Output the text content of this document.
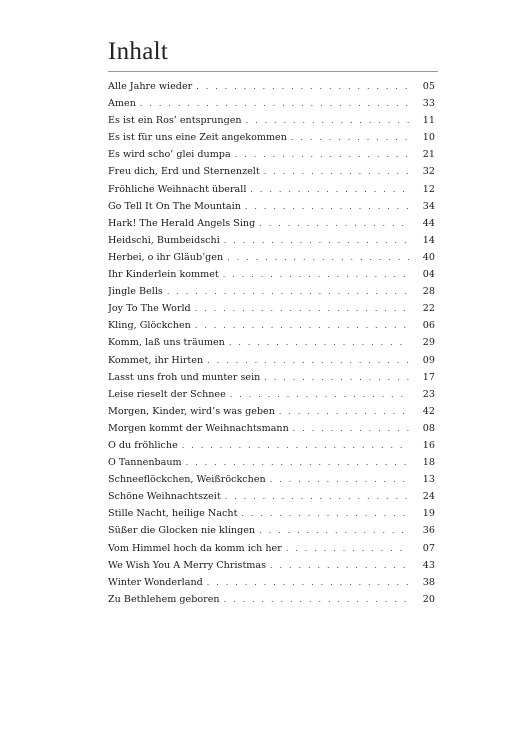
Inhalt
Alle Jahre wieder . . .	05
Amen . . .	33
Es ist ein Ros’ entsprungen . . .	11
Es ist für uns eine Zeit angekommen . . .	10
Es wird scho’ glei dumpa . . .	21
Freu dich, Erd und Sternenzelt . . .	32
Fröhliche Weihnacht überall . . .	12
Go Tell It On The Mountain . . .	34
Hark! The Herald Angels Sing . . .	44
Heidschi, Bumbeidschi . . .	14
Herbei, o ihr Gläub’gen . . .	40
Ihr Kinderlein kommet . . .	04
Jingle Bells . . .	28
Joy To The World . . .	22
Kling, Glöckchen . . .	06
Komm, laß uns träumen . . .	29
Kommet, ihr Hirten . . .	09
Lasst uns froh und munter sein . . .	17
Leise rieselt der Schnee . . .	23
Morgen, Kinder, wird’s was geben . . .	42
Morgen kommt der Weihnachtsmann . . .	08
O du fröhliche . . .	16
O Tannenbaum . . .	18
Schneeflöckchen, Weißröckchen . . .	13
Schöne Weihnachtszeit . . .	24
Stille Nacht, heilige Nacht . . .	19
Süßer die Glocken nie klingen . . .	36
Vom Himmel hoch da komm ich her . . .	07
We Wish You A Merry Christmas . . .	43
Winter Wonderland . . .	38
Zu Bethlehem geboren . . .	20
